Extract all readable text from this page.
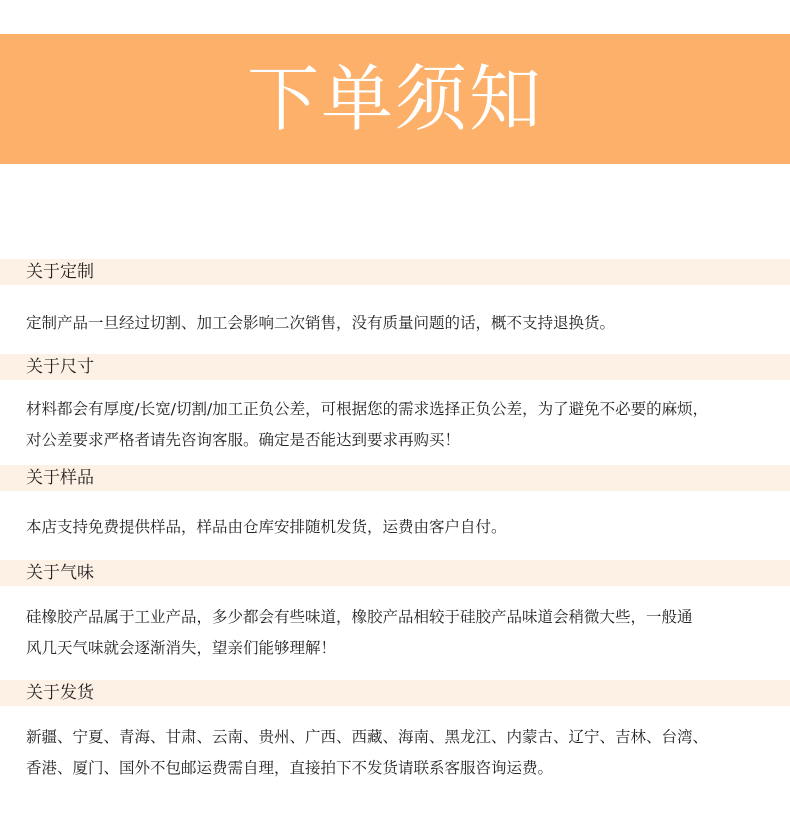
下单须知
关于定制

定制产品一旦经过切割、加工会影响二次销售，没有质量问题的话，概不支持退换货。

关于尺寸

材料都会有厚度/长宽/切割/加工正负公差，可根据您的需求选择正负公差，为了避免不必要的麻烦，

对公差要求严格者请先咨询客服。确定是否能达到要求再购买！

关于样品

本店支持免费提供样品，样品由仓库安排随机发货，运费由客户自付。

关于气味

硅橡胶产品属于工业产品，多少都会有些味道，橡胶产品相较于硅胶产品味道会稍微大些，一般通

风几天气味就会逐渐消失，望亲们能够理解！

关于发货

新疆、宁夏、青海、甘肃、云南、贵州、广西、西藏、海南、黑龙江、内蒙古、辽宁、吉林、台湾、

香港、厦门、国外不包邮运费需自理，直接拍下不发货请联系客服咨询运费。
